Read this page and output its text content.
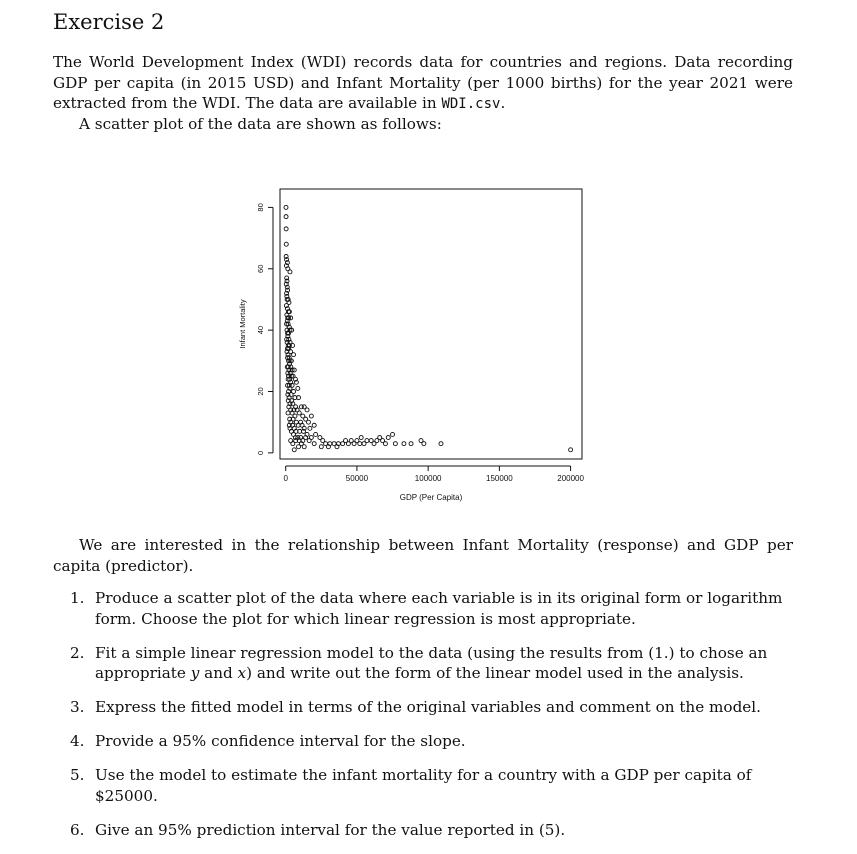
Exercise 2
The World Development Index (WDI) records data for countries and regions. Data recording GDP per capita (in 2015 USD) and Infant Mortality (per 1000 births) for the year 2021 were extracted from the WDI. The data are available in WDI.csv.
A scatter plot of the data are shown as follows:
0	50000	100000	150000	200000
0
20
40
60
80
GDP (Per Capita)
Infant Mortality
We are interested in the relationship between Infant Mortality (response) and GDP per capita (predictor).
1. Produce a scatter plot of the data where each variable is in its original form or logarithm form. Choose the plot for which linear regression is most appropriate.
2. Fit a simple linear regression model to the data (using the results from (1.) to chose an appropriate y and x) and write out the form of the linear model used in the analysis.
3. Express the fitted model in terms of the original variables and comment on the model.
4. Provide a 95% confidence interval for the slope.
5. Use the model to estimate the infant mortality for a country with a GDP per capita of $25000.
6. Give an 95% prediction interval for the value reported in (5).
